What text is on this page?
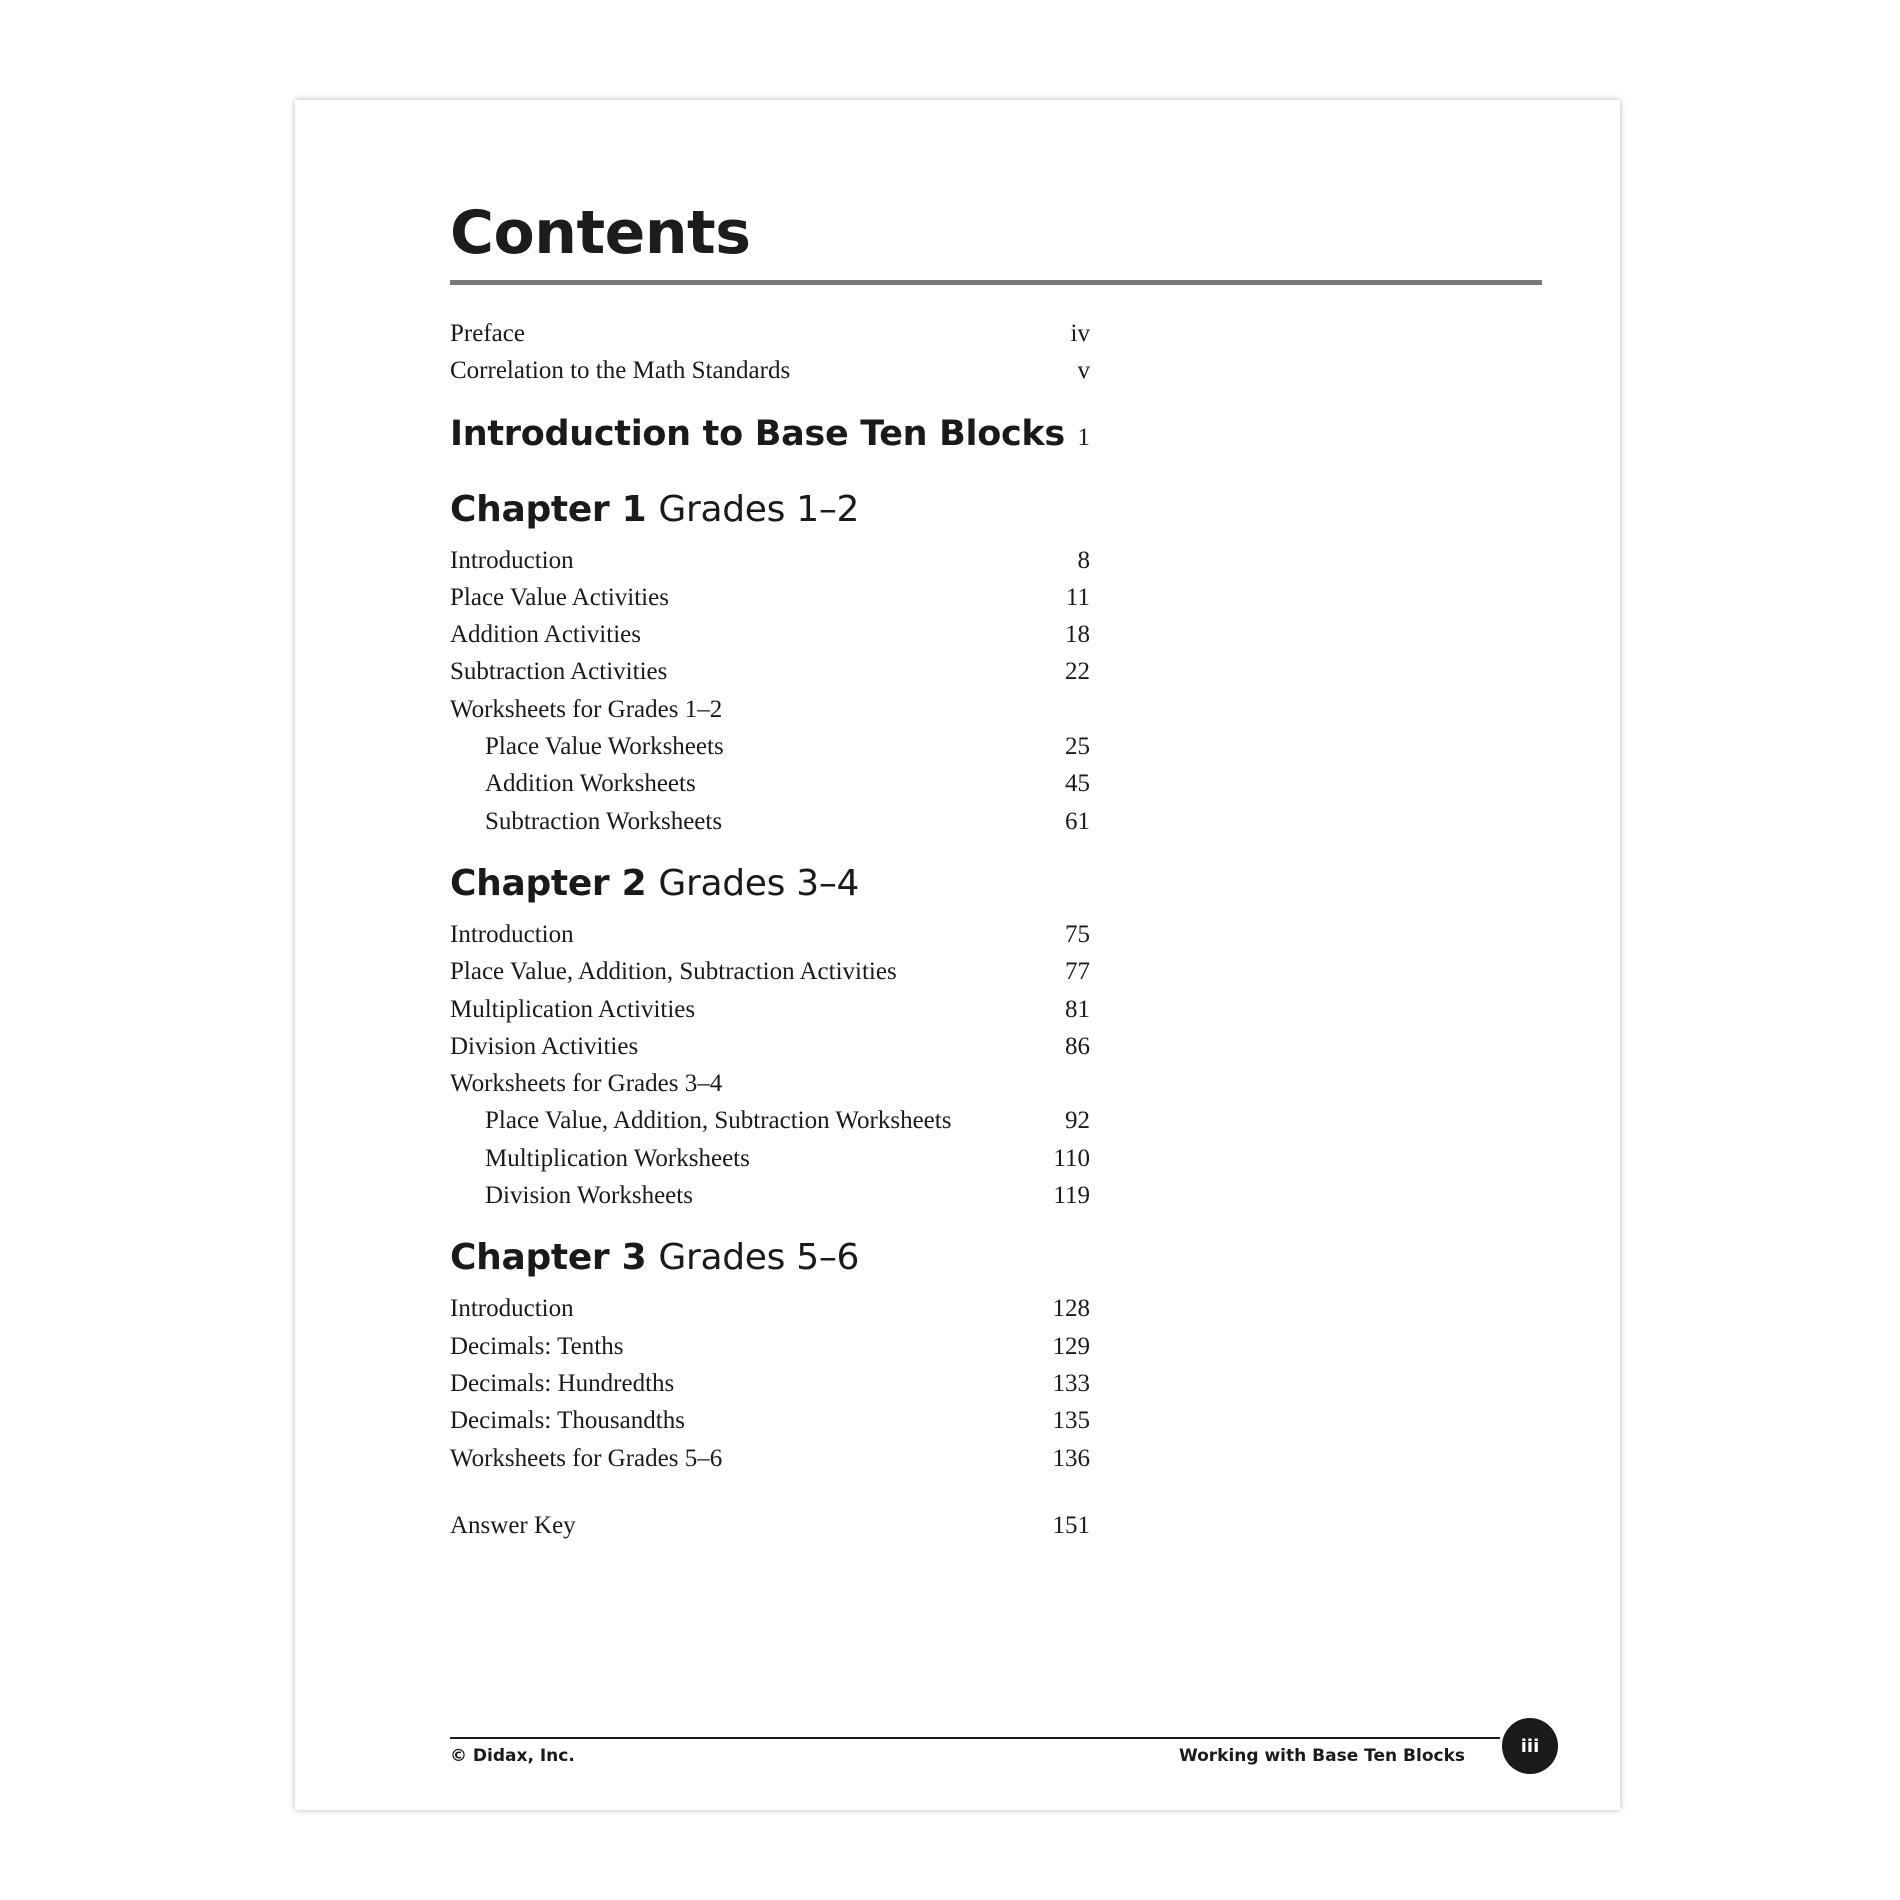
Contents
Preface	iv
Correlation to the Math Standards	v
Introduction to Base Ten Blocks 1
Chapter 1 Grades 1–2
Introduction	8
Place Value Activities	11
Addition Activities	18
Subtraction Activities	22
Worksheets for Grades 1–2
Place Value Worksheets	25
Addition Worksheets	45
Subtraction Worksheets	61
Chapter 2 Grades 3–4
Introduction	75
Place Value, Addition, Subtraction Activities	77
Multiplication Activities	81
Division Activities	86
Worksheets for Grades 3–4
Place Value, Addition, Subtraction Worksheets	92
Multiplication Worksheets	110
Division Worksheets	119
Chapter 3 Grades 5–6
Introduction	128
Decimals: Tenths	129
Decimals: Hundredths	133
Decimals: Thousandths	135
Worksheets for Grades 5–6	136
Answer Key	151
© Didax, Inc.	Working with Base Ten Blocks	iii
